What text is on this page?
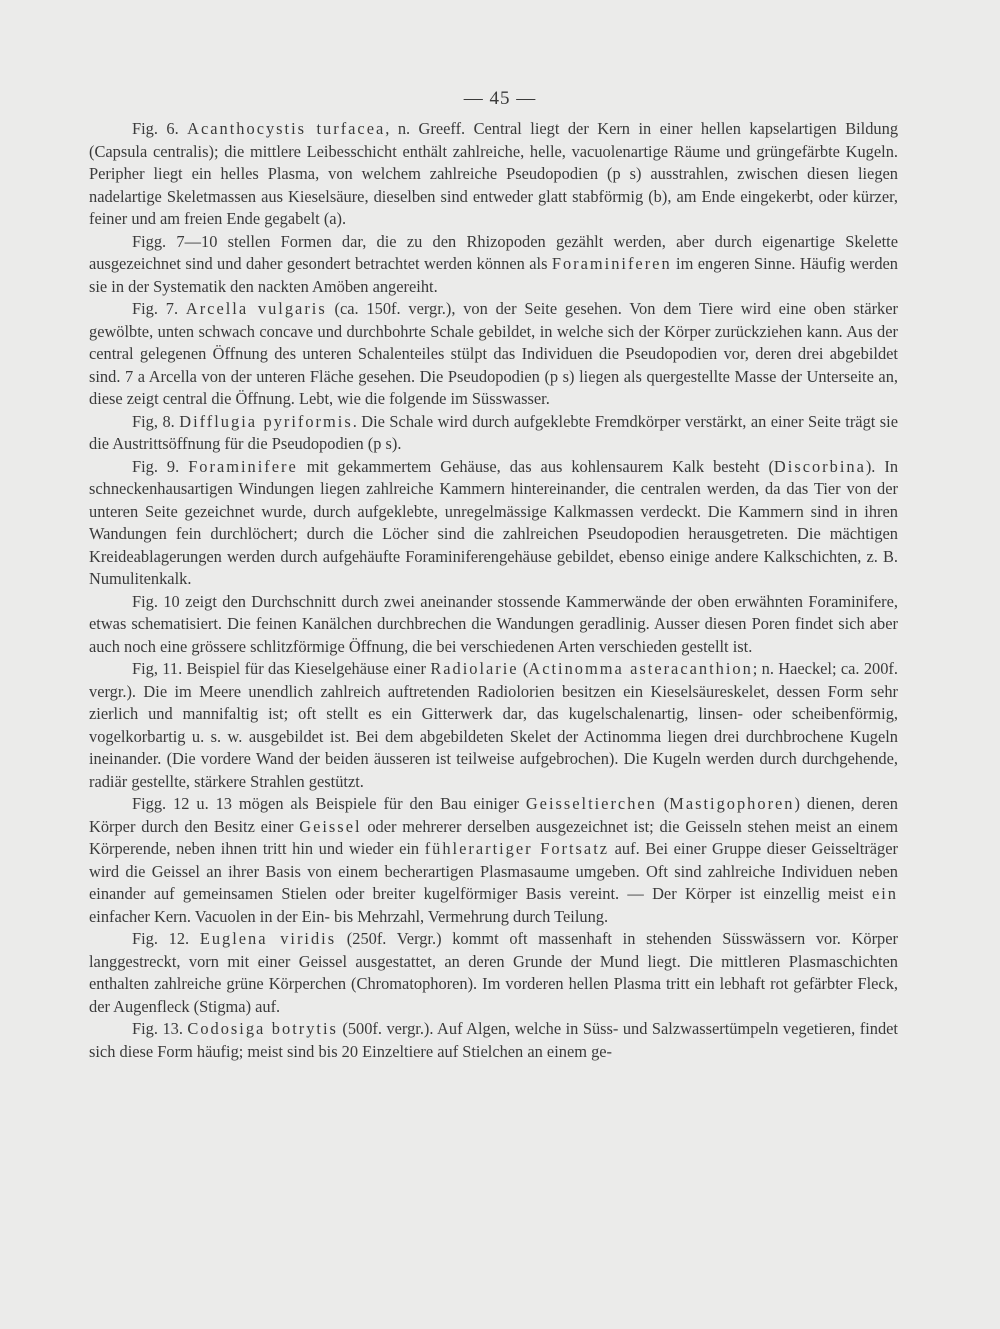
— 45 —

Fig. 6. Acanthocystis turfacea, n. Greeff. Central liegt der Kern in einer hellen kapselartigen Bildung (Capsula centralis); die mittlere Leibesschicht enthält zahlreiche, helle, vacuolenartige Räume und grüngefärbte Kugeln. Peripher liegt ein helles Plasma, von welchem zahlreiche Pseudopodien (p s) ausstrahlen, zwischen diesen liegen nadelartige Skeletmassen aus Kieselsäure, dieselben sind entweder glatt stabförmig (b), am Ende eingekerbt, oder kürzer, feiner und am freien Ende gegabelt (a).

Figg. 7—10 stellen Formen dar, die zu den Rhizopoden gezählt werden, aber durch eigenartige Skelette ausgezeichnet sind und daher gesondert betrachtet werden können als Foraminiferen im engeren Sinne. Häufig werden sie in der Systematik den nackten Amöben angereiht.

Fig. 7. Arcella vulgaris (ca. 150f. vergr.), von der Seite gesehen. Von dem Tiere wird eine oben stärker gewölbte, unten schwach concave und durchbohrte Schale gebildet, in welche sich der Körper zurückziehen kann. Aus der central gelegenen Öffnung des unteren Schalenteiles stülpt das Individuen die Pseudopodien vor, deren drei abgebildet sind. 7 a Arcella von der unteren Fläche gesehen. Die Pseudopodien (p s) liegen als quergestellte Masse der Unterseite an, diese zeigt central die Öffnung. Lebt, wie die folgende im Süsswasser.

Fig, 8. Difflugia pyriformis. Die Schale wird durch aufgeklebte Fremdkörper verstärkt, an einer Seite trägt sie die Austrittsöffnung für die Pseudopodien (p s).

Fig. 9. Foraminifere mit gekammertem Gehäuse, das aus kohlensaurem Kalk besteht (Discorbina). In schneckenhausartigen Windungen liegen zahlreiche Kammern hintereinander, die centralen werden, da das Tier von der unteren Seite gezeichnet wurde, durch aufgeklebte, unregelmässige Kalkmassen verdeckt. Die Kammern sind in ihren Wandungen fein durchlöchert; durch die Löcher sind die zahlreichen Pseudopodien herausgetreten. Die mächtigen Kreideablagerungen werden durch aufgehäufte Foraminiferengehäuse gebildet, ebenso einige andere Kalkschichten, z. B. Numulitenkalk.

Fig. 10 zeigt den Durchschnitt durch zwei aneinander stossende Kammerwände der oben erwähnten Foraminifere, etwas schematisiert. Die feinen Kanälchen durchbrechen die Wandungen geradlinig. Ausser diesen Poren findet sich aber auch noch eine grössere schlitzförmige Öffnung, die bei verschiedenen Arten verschieden gestellt ist.

Fig, 11. Beispiel für das Kieselgehäuse einer Radiolarie (Actinomma asteracanthion; n. Haeckel; ca. 200f. vergr.). Die im Meere unendlich zahlreich auftretenden Radiolorien besitzen ein Kieselsäureskelet, dessen Form sehr zierlich und mannifaltig ist; oft stellt es ein Gitterwerk dar, das kugelschalenartig, linsen- oder scheibenförmig, vogelkorbartig u. s. w. ausgebildet ist. Bei dem abgebildeten Skelet der Actinomma liegen drei durchbrochene Kugeln ineinander. (Die vordere Wand der beiden äusseren ist teilweise aufgebrochen). Die Kugeln werden durch durchgehende, radiär gestellte, stärkere Strahlen gestützt.

Figg. 12 u. 13 mögen als Beispiele für den Bau einiger Geisseltierchen (Mastigophoren) dienen, deren Körper durch den Besitz einer Geissel oder mehrerer derselben ausgezeichnet ist; die Geisseln stehen meist an einem Körperende, neben ihnen tritt hin und wieder ein fühlerartiger Fortsatz auf. Bei einer Gruppe dieser Geisselträger wird die Geissel an ihrer Basis von einem becherartigen Plasmasaume umgeben. Oft sind zahlreiche Individuen neben einander auf gemeinsamen Stielen oder breiter kugelförmiger Basis vereint. — Der Körper ist einzellig meist ein einfacher Kern. Vacuolen in der Ein- bis Mehrzahl, Vermehrung durch Teilung.

Fig. 12. Euglena viridis (250f. Vergr.) kommt oft massenhaft in stehenden Süsswässern vor. Körper langgestreckt, vorn mit einer Geissel ausgestattet, an deren Grunde der Mund liegt. Die mittleren Plasmaschichten enthalten zahlreiche grüne Körperchen (Chromatophoren). Im vorderen hellen Plasma tritt ein lebhaft rot gefärbter Fleck, der Augenfleck (Stigma) auf.

Fig. 13. Codosiga botrytis (500f. vergr.). Auf Algen, welche in Süss- und Salzwassertümpeln vegetieren, findet sich diese Form häufig; meist sind bis 20 Einzeltiere auf Stielchen an einem ge-
